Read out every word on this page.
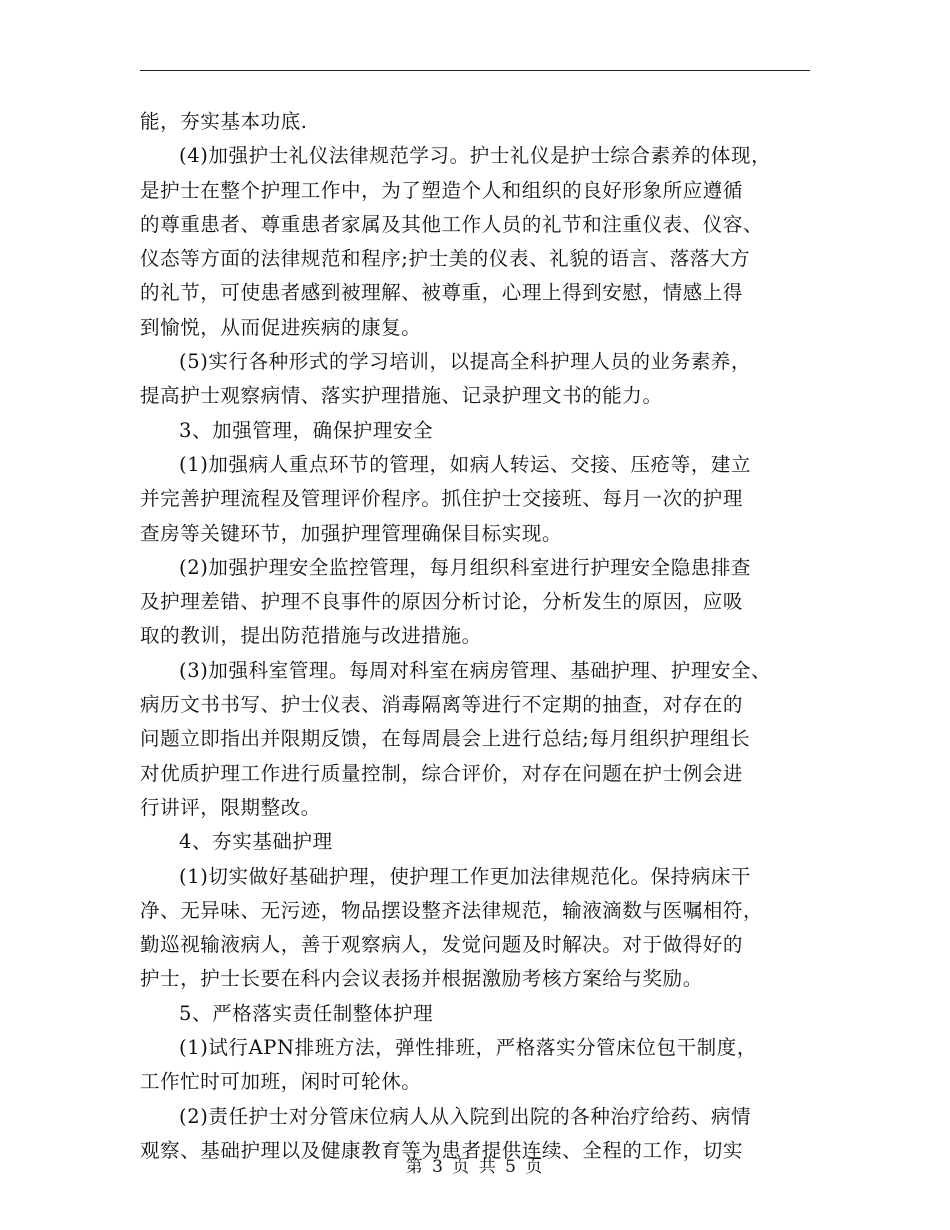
能，夯实基本功底.
(4)加强护士礼仪法律规范学习。护士礼仪是护士综合素养的体现，
是护士在整个护理工作中，为了塑造个人和组织的良好形象所应遵循
的尊重患者、尊重患者家属及其他工作人员的礼节和注重仪表、仪容、
仪态等方面的法律规范和程序;护士美的仪表、礼貌的语言、落落大方
的礼节，可使患者感到被理解、被尊重，心理上得到安慰，情感上得
到愉悦，从而促进疾病的康复。
(5)实行各种形式的学习培训，以提高全科护理人员的业务素养，
提高护士观察病情、落实护理措施、记录护理文书的能力。
3、加强管理，确保护理安全
(1)加强病人重点环节的管理，如病人转运、交接、压疮等，建立
并完善护理流程及管理评价程序。抓住护士交接班、每月一次的护理
查房等关键环节，加强护理管理确保目标实现。
(2)加强护理安全监控管理，每月组织科室进行护理安全隐患排查
及护理差错、护理不良事件的原因分析讨论，分析发生的原因，应吸
取的教训，提出防范措施与改进措施。
(3)加强科室管理。每周对科室在病房管理、基础护理、护理安全、
病历文书书写、护士仪表、消毒隔离等进行不定期的抽查，对存在的
问题立即指出并限期反馈，在每周晨会上进行总结;每月组织护理组长
对优质护理工作进行质量控制，综合评价，对存在问题在护士例会进
行讲评，限期整改。
4、夯实基础护理
(1)切实做好基础护理，使护理工作更加法律规范化。保持病床干
净、无异味、无污迹，物品摆设整齐法律规范，输液滴数与医嘱相符，
勤巡视输液病人，善于观察病人，发觉问题及时解决。对于做得好的
护士，护士长要在科内会议表扬并根据激励考核方案给与奖励。
5、严格落实责任制整体护理
(1)试行APN排班方法，弹性排班，严格落实分管床位包干制度，
工作忙时可加班，闲时可轮休。
(2)责任护士对分管床位病人从入院到出院的各种治疗给药、病情
观察、基础护理以及健康教育等为患者提供连续、全程的工作，切实
第 3 页 共 5 页
